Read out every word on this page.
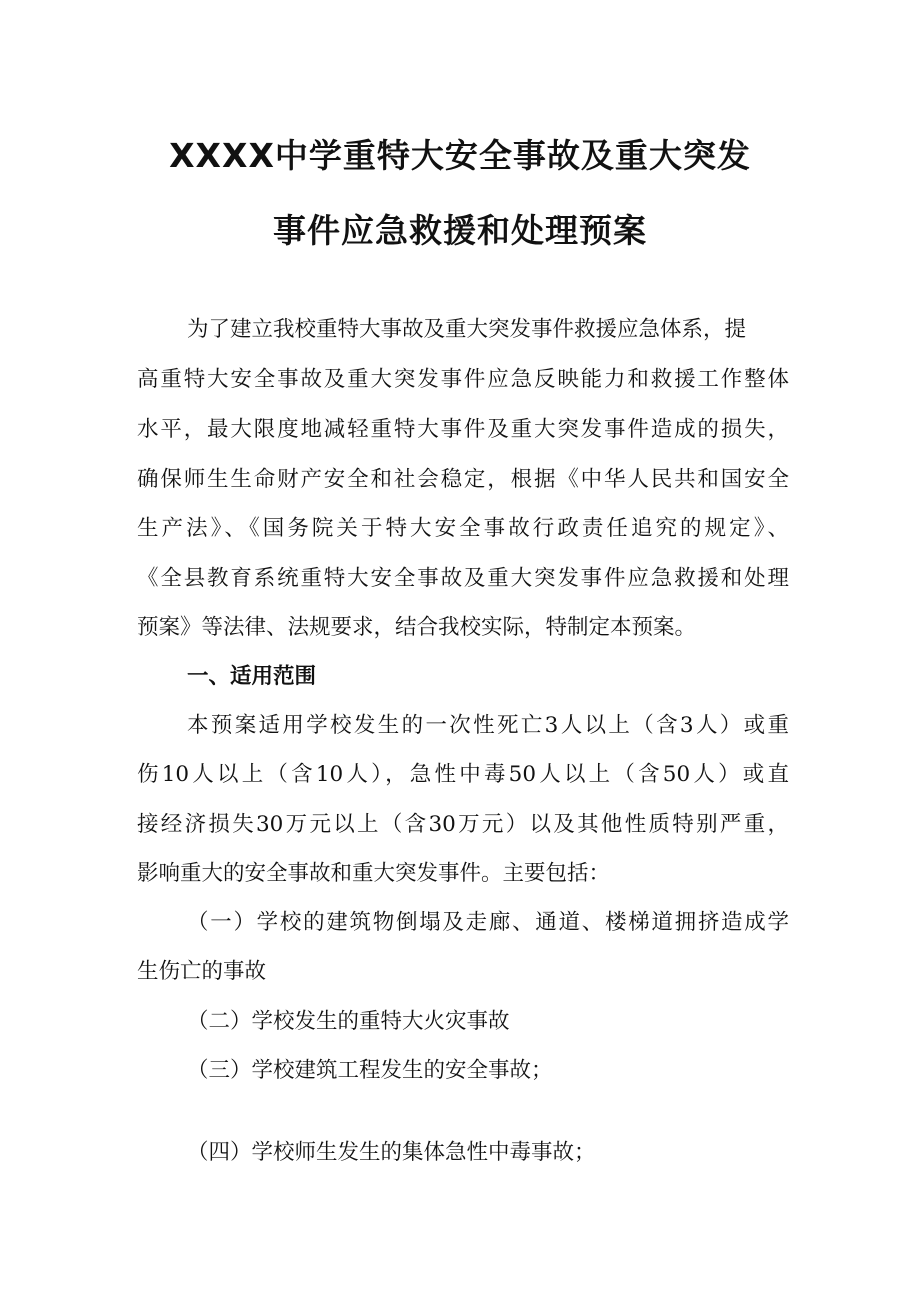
XXXX中学重特大安全事故及重大突发
事件应急救援和处理预案

为了建立我校重特大事故及重大突发事件救援应急体系，提

高重特大安全事故及重大突发事件应急反映能力和救援工作整体

水平，最大限度地减轻重特大事件及重大突发事件造成的损失，

确保师生生命财产安全和社会稳定，根据《中华人民共和国安全

生产法》、《国务院关于特大安全事故行政责任追究的规定》、

《全县教育系统重特大安全事故及重大突发事件应急救援和处理

预案》等法律、法规要求，结合我校实际，特制定本预案。

一、适用范围

本预案适用学校发生的一次性死亡3人以上（含3人）或重

伤10人以上（含10人），急性中毒50人以上（含50人）或直

接经济损失30万元以上（含30万元）以及其他性质特别严重，

影响重大的安全事故和重大突发事件。主要包括：

（一）学校的建筑物倒塌及走廊、通道、楼梯道拥挤造成学

生伤亡的事故

（二）学校发生的重特大火灾事故

（三）学校建筑工程发生的安全事故；

（四）学校师生发生的集体急性中毒事故；
